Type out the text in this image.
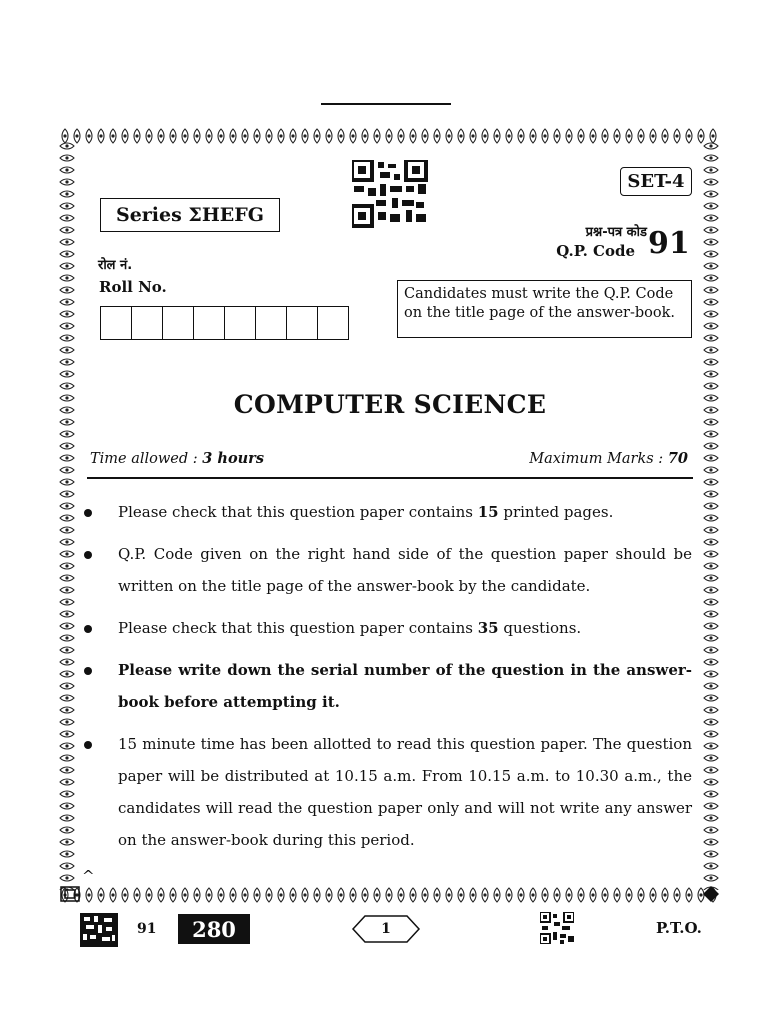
SET-4
Series ΣHEFG
प्रश्न-पत्र कोड
Q.P. Code 91
रोल नं.
Roll No.	Candidates must write the Q.P. Code on the title page of the answer-book.
COMPUTER SCIENCE
Time allowed : 3 hours	Maximum Marks : 70
Please check that this question paper contains 15 printed pages.
Q.P. Code given on the right hand side of the question paper should be written on the title page of the answer-book by the candidate.
Please check that this question paper contains 35 questions.
Please write down the serial number of the question in the answer-book before attempting it.
15 minute time has been allotted to read this question paper. The question paper will be distributed at 10.15 a.m. From 10.15 a.m. to 10.30 a.m., the candidates will read the question paper only and will not write any answer on the answer-book during this period.
^
91	280	1	P.T.O.
